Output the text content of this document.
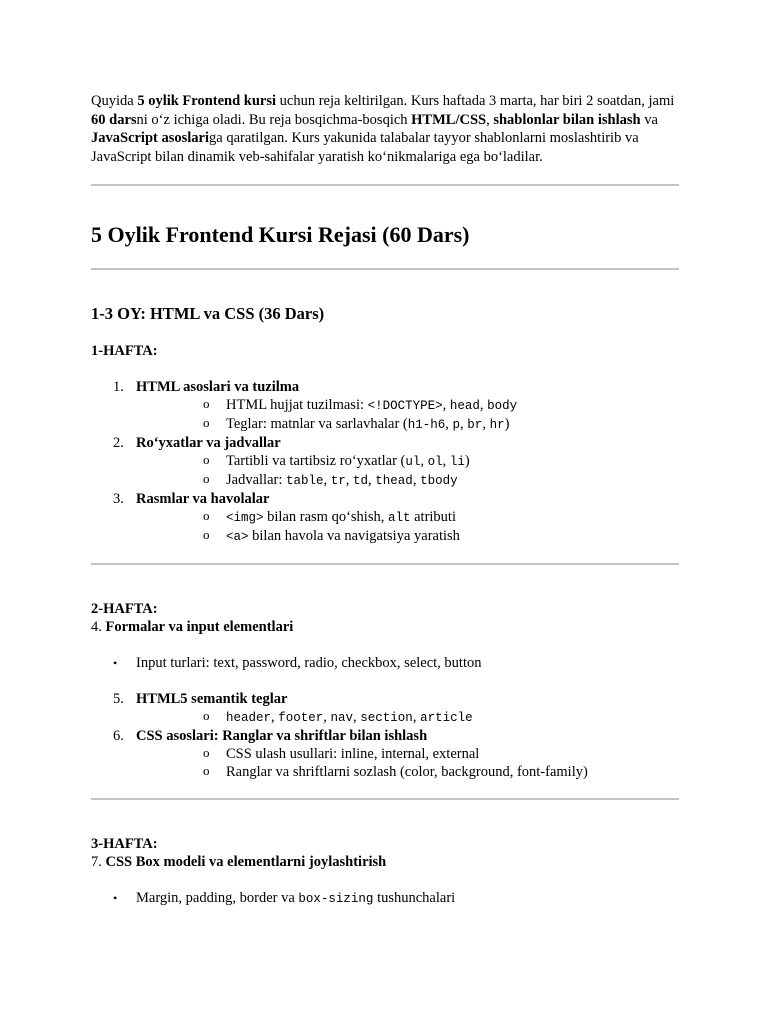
Quyida 5 oylik Frontend kursi uchun reja keltirilgan. Kurs haftada 3 marta, har biri 2 soatdan, jami 60 darsni o‘z ichiga oladi. Bu reja bosqichma-bosqich HTML/CSS, shablonlar bilan ishlash va JavaScript asoslariga qaratilgan. Kurs yakunida talabalar tayyor shablonlarni moslashtirib va JavaScript bilan dinamik veb-sahifalar yaratish ko‘nikmalariga ega bo‘ladilar.

5 Oylik Frontend Kursi Rejasi (60 Dars)
1-3 OY: HTML va CSS (36 Dars)

1-HAFTA:

1. HTML asoslari va tuzilma
o HTML hujjat tuzilmasi: <!DOCTYPE>, head, body
o Teglar: matnlar va sarlavhalar (h1-h6, p, br, hr)
2. Ro‘yxatlar va jadvallar
o Tartibli va tartibsiz ro‘yxatlar (ul, ol, li)
o Jadvallar: table, tr, td, thead, tbody
3. Rasmlar va havolalar
o <img> bilan rasm qo‘shish, alt atributi
o <a> bilan havola va navigatsiya yaratish

2-HAFTA:

4. Formalar va input elementlari

• Input turlari: text, password, radio, checkbox, select, button
5. HTML5 semantik teglar
o header, footer, nav, section, article
6. CSS asoslari: Ranglar va shriftlar bilan ishlash
o CSS ulash usullari: inline, internal, external
o Ranglar va shriftlarni sozlash (color, background, font-family)

3-HAFTA:

7. CSS Box modeli va elementlarni joylashtirish

• Margin, padding, border va box-sizing tushunchalari
